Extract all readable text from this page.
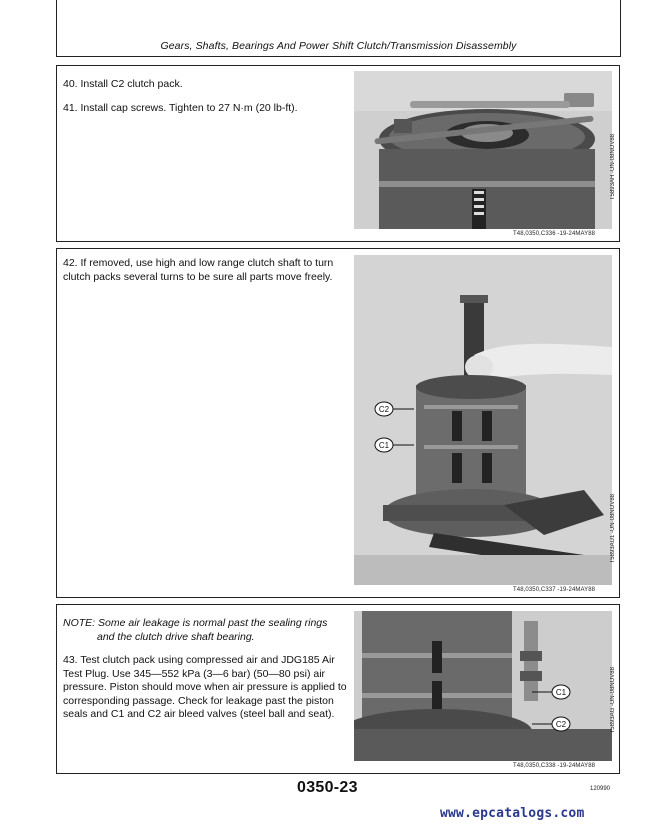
Gears, Shafts, Bearings And Power Shift Clutch/Transmission Disassembly
40. Install C2 clutch pack.
41. Install cap screws. Tighten to 27 N·m (20 lb-ft).
T5893AH -UN-08NOV88
T48,0350,C336 -19-24MAY88
42. If removed, use high and low range clutch shaft to turn clutch packs several turns to be sure all parts move freely.
C2
C1
T5893AU1 -UN-08NOV88
T48,0350,C337 -19-24MAY88
NOTE: Some air leakage is normal past the sealing rings
and the clutch drive shaft bearing.
43. Test clutch pack using compressed air and JDG185 Air Test Plug. Use 345—552 kPa (3—6 bar) (50—80 psi) air pressure. Piston should move when air pressure is applied to corresponding passage. Check for leakage past the piston seals and C1 and C2 air bleed valves (steel ball and seat).
C1
C2	T5893AG -UN-08NOV88
T48,0350,C338 -19-24MAY88
0350-23	120990
www.epcatalogs.com
